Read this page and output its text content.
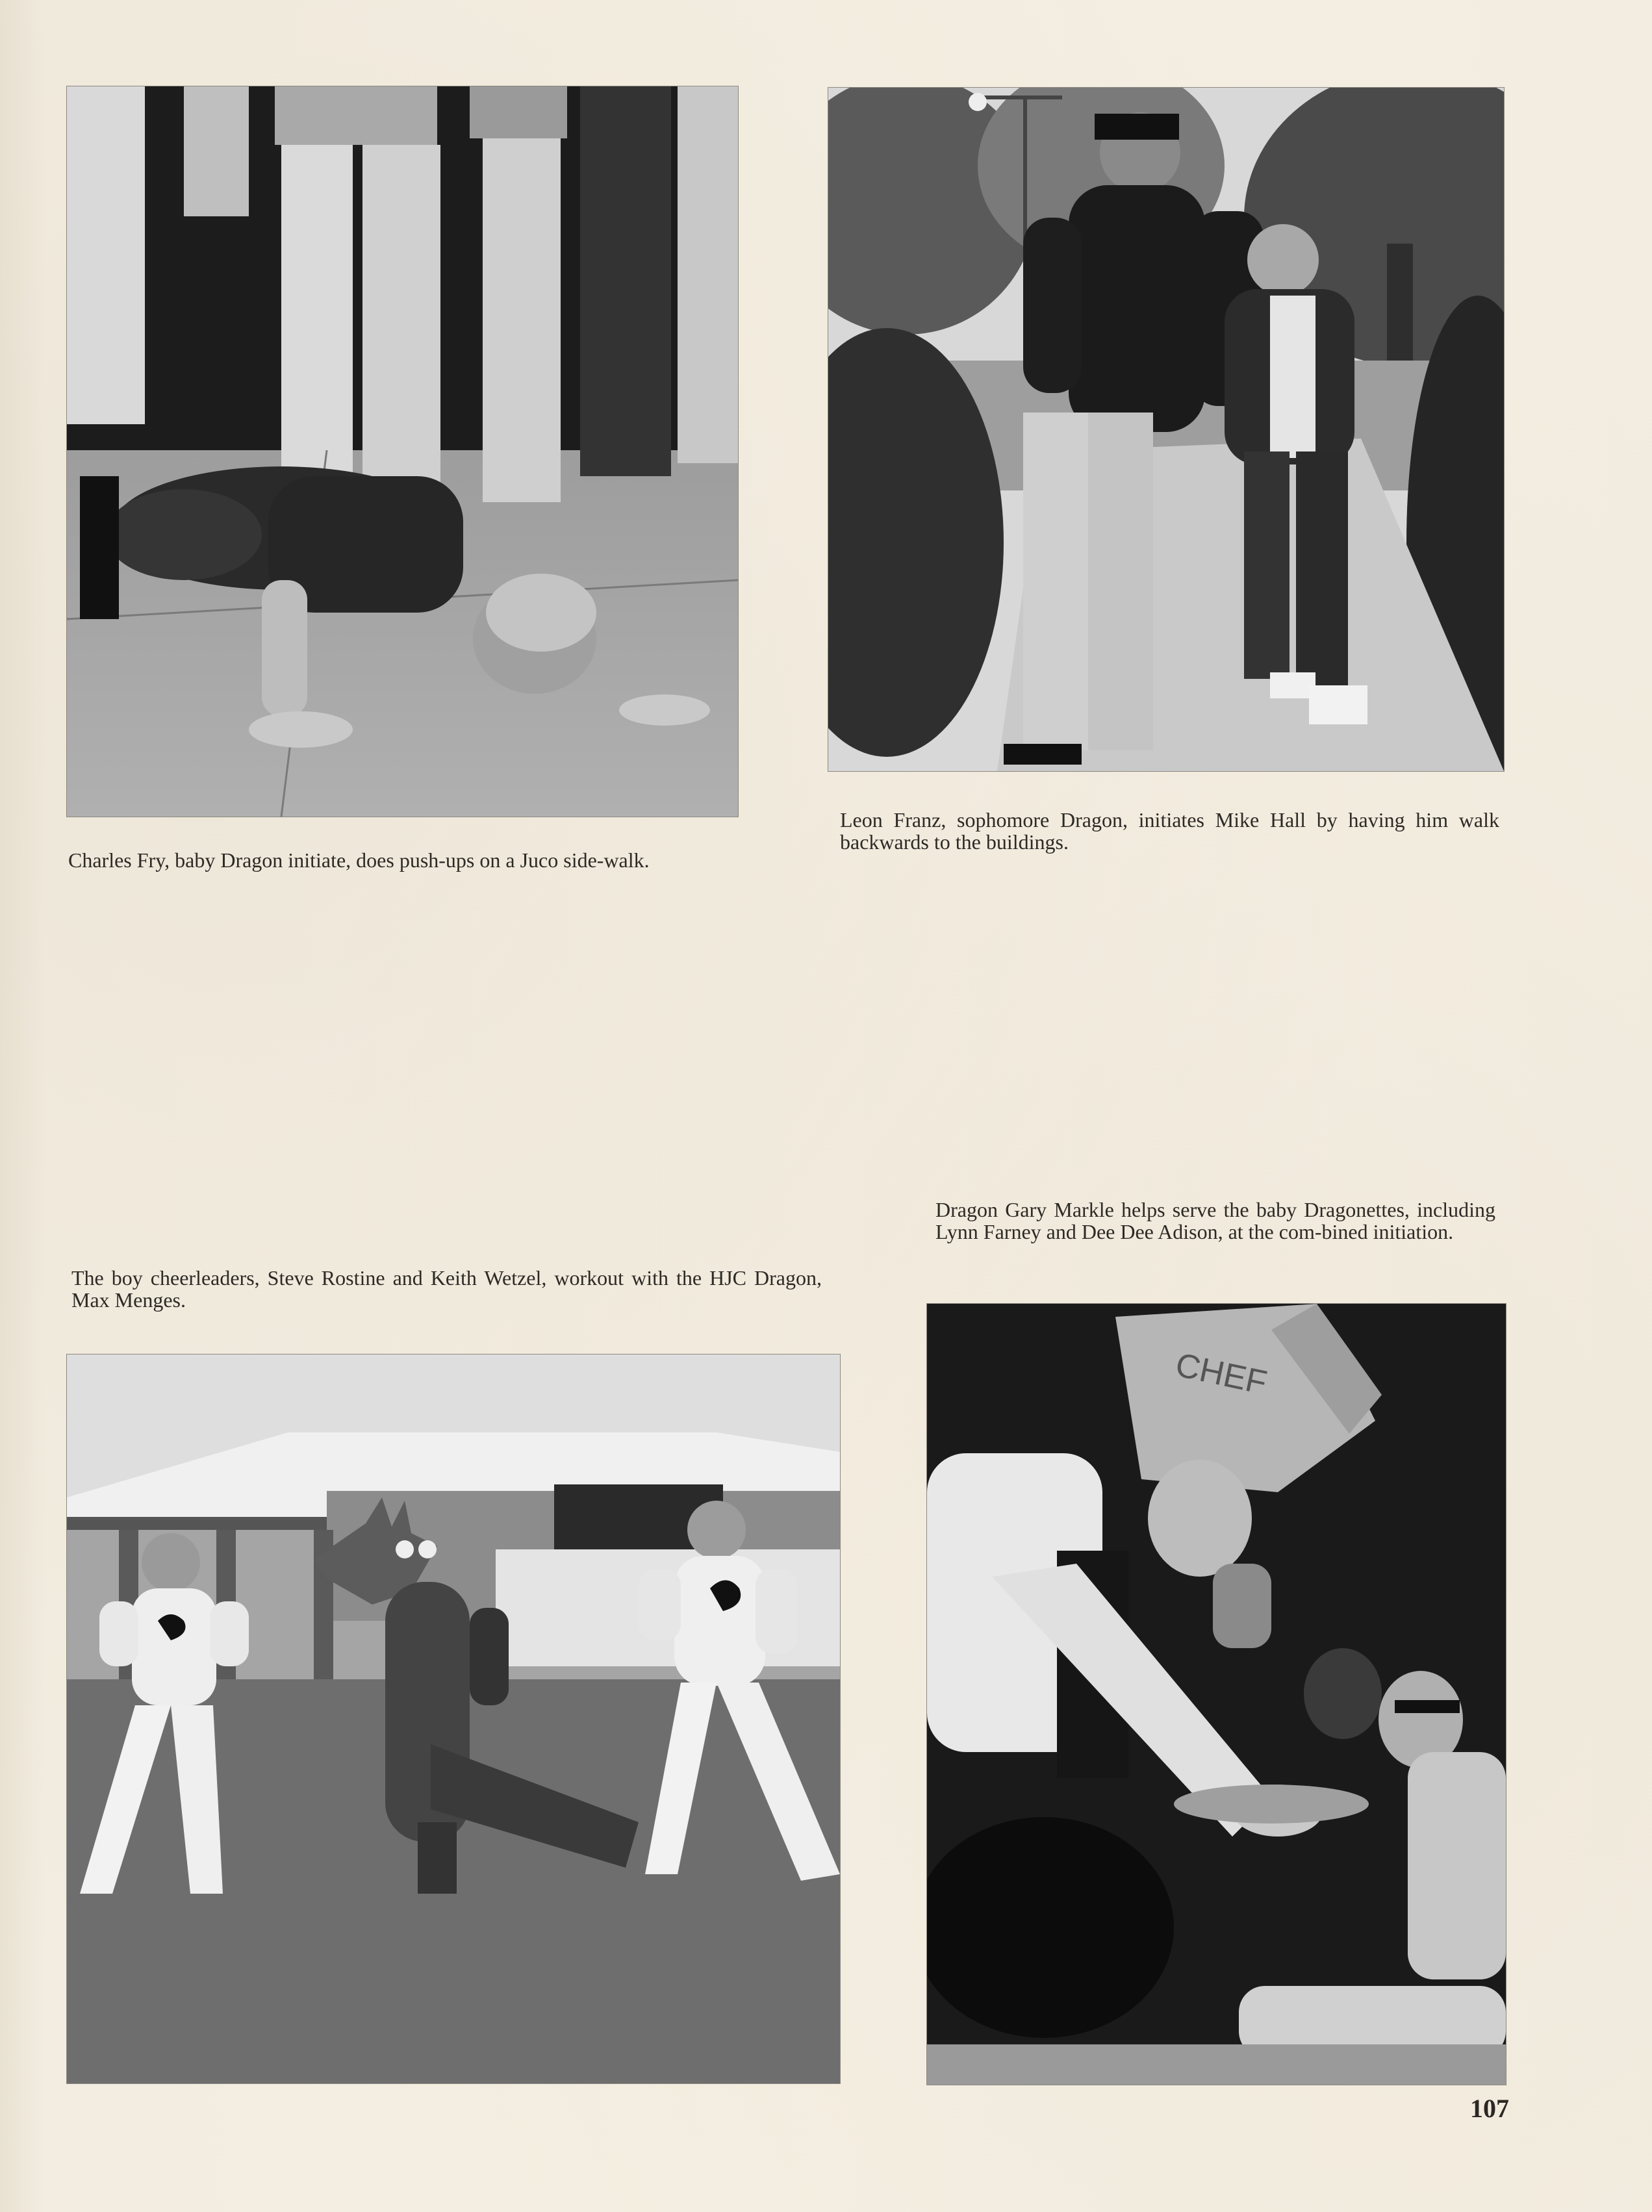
Charles Fry, baby Dragon initiate, does push-ups on a Juco side-walk.
Leon Franz, sophomore Dragon, initiates Mike Hall by having him walk backwards to the buildings.
The boy cheerleaders, Steve Rostine and Keith Wetzel, workout with the HJC Dragon, Max Menges.
CHEF
Dragon Gary Markle helps serve the baby Dragonettes, including Lynn Farney and Dee Dee Adison, at the com-bined initiation.
107
